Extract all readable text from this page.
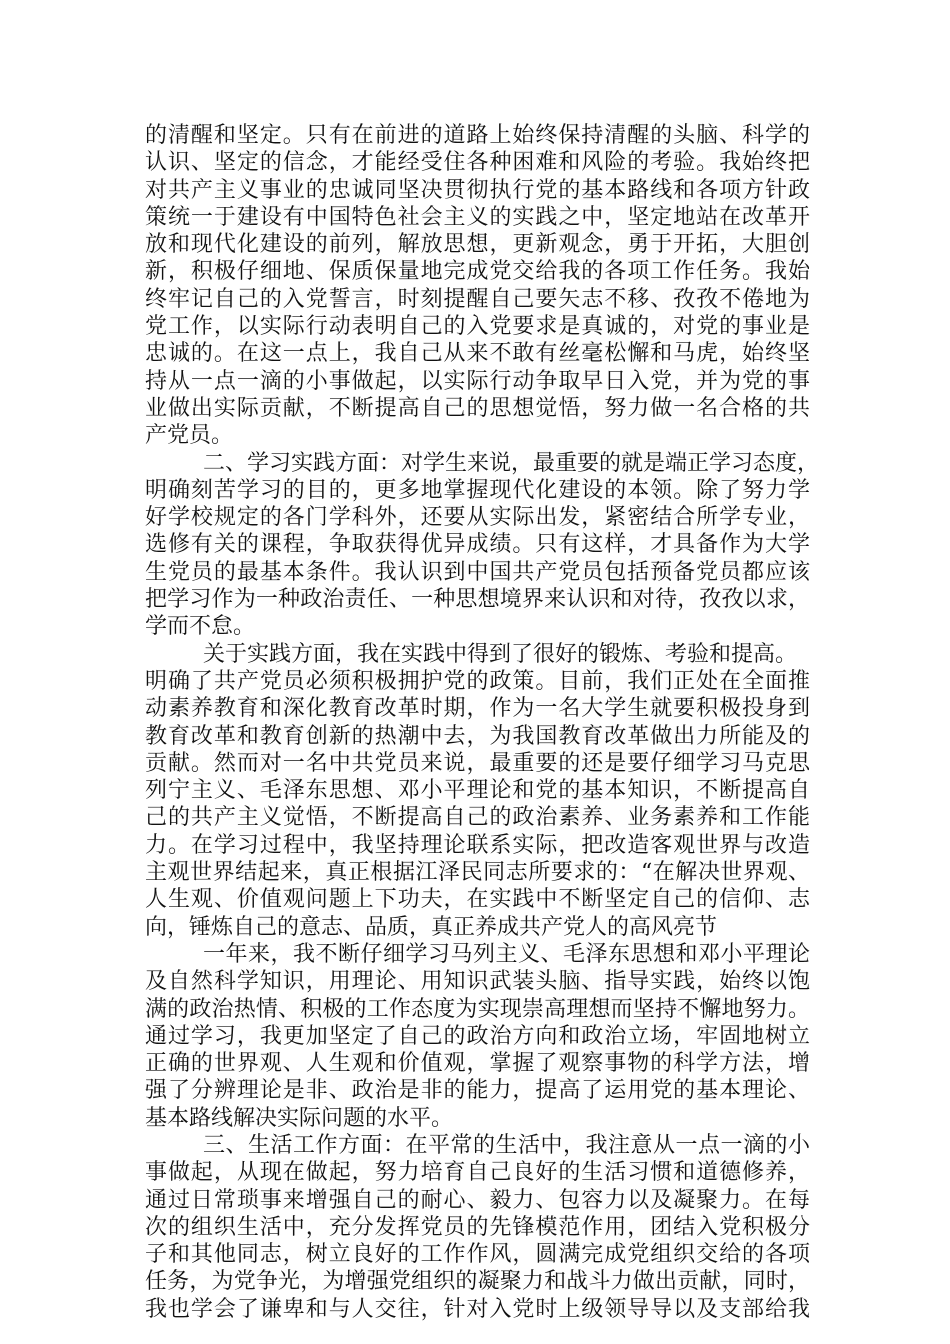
的清醒和坚定。只有在前进的道路上始终保持清醒的头脑、科学的
认识、坚定的信念，才能经受住各种困难和风险的考验。我始终把
对共产主义事业的忠诚同坚决贯彻执行党的基本路线和各项方针政
策统一于建设有中国特色社会主义的实践之中，坚定地站在改革开
放和现代化建设的前列，解放思想，更新观念，勇于开拓，大胆创
新，积极仔细地、保质保量地完成党交给我的各项工作任务。我始
终牢记自己的入党誓言，时刻提醒自己要矢志不移、孜孜不倦地为
党工作，以实际行动表明自己的入党要求是真诚的，对党的事业是
忠诚的。在这一点上，我自己从来不敢有丝毫松懈和马虎，始终坚
持从一点一滴的小事做起，以实际行动争取早日入党，并为党的事
业做出实际贡献，不断提高自己的思想觉悟，努力做一名合格的共
产党员。
二、学习实践方面：对学生来说，最重要的就是端正学习态度，
明确刻苦学习的目的，更多地掌握现代化建设的本领。除了努力学
好学校规定的各门学科外，还要从实际出发，紧密结合所学专业，
选修有关的课程，争取获得优异成绩。只有这样，才具备作为大学
生党员的最基本条件。我认识到中国共产党员包括预备党员都应该
把学习作为一种政治责任、一种思想境界来认识和对待，孜孜以求，
学而不怠。
关于实践方面，我在实践中得到了很好的锻炼、考验和提高。
明确了共产党员必须积极拥护党的政策。目前，我们正处在全面推
动素养教育和深化教育改革时期，作为一名大学生就要积极投身到
教育改革和教育创新的热潮中去，为我国教育改革做出力所能及的
贡献。然而对一名中共党员来说，最重要的还是要仔细学习马克思
列宁主义、毛泽东思想、邓小平理论和党的基本知识，不断提高自
己的共产主义觉悟，不断提高自己的政治素养、业务素养和工作能
力。在学习过程中，我坚持理论联系实际，把改造客观世界与改造
主观世界结起来，真正根据江泽民同志所要求的：“在解决世界观、
人生观、价值观问题上下功夫，在实践中不断坚定自己的信仰、志
向，锤炼自己的意志、品质，真正养成共产党人的高风亮节
一年来，我不断仔细学习马列主义、毛泽东思想和邓小平理论
及自然科学知识，用理论、用知识武装头脑、指导实践，始终以饱
满的政治热情、积极的工作态度为实现崇高理想而坚持不懈地努力。
通过学习，我更加坚定了自己的政治方向和政治立场，牢固地树立
正确的世界观、人生观和价值观，掌握了观察事物的科学方法，增
强了分辨理论是非、政治是非的能力，提高了运用党的基本理论、
基本路线解决实际问题的水平。
三、生活工作方面：在平常的生活中，我注意从一点一滴的小
事做起，从现在做起，努力培育自己良好的生活习惯和道德修养，
通过日常琐事来增强自己的耐心、毅力、包容力以及凝聚力。在每
次的组织生活中，充分发挥党员的先锋模范作用，团结入党积极分
子和其他同志，树立良好的工作作风，圆满完成党组织交给的各项
任务，为党争光，为增强党组织的凝聚力和战斗力做出贡献，同时，
我也学会了谦卑和与人交往，针对入党时上级领导导以及支部给我
